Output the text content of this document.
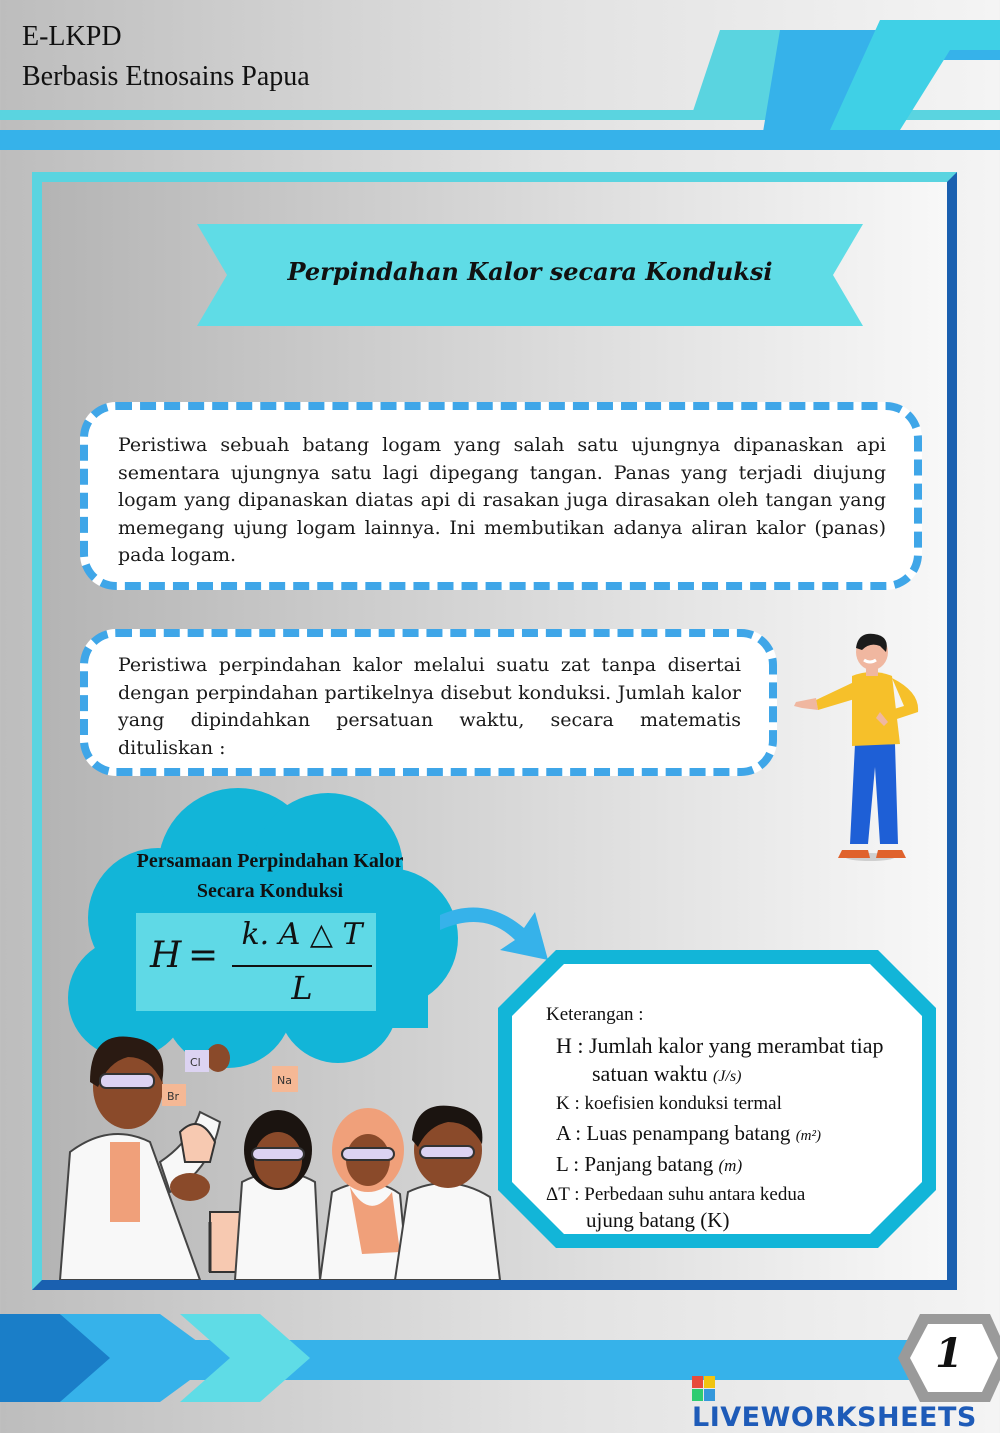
E-LKPD
Berbasis Etnosains Papua
Perpindahan Kalor secara Konduksi
Peristiwa sebuah batang logam yang salah satu ujungnya dipanaskan api sementara ujungnya satu lagi dipegang tangan. Panas yang terjadi diujung logam yang dipanaskan diatas api di rasakan juga dirasakan oleh tangan yang memegang ujung logam lainnya. Ini membutikan adanya aliran kalor (panas) pada logam.
Peristiwa perpindahan kalor melalui suatu zat tanpa disertai dengan perpindahan partikelnya disebut konduksi. Jumlah kalor yang dipindahkan persatuan waktu, secara matematis dituliskan :
Persamaan Perpindahan Kalor
Secara Konduksi
H =
k. A △ T
L
Cl
Br
Na
Keterangan :
H : Jumlah kalor yang merambat tiap
satuan waktu (J/s)
K : koefisien konduksi termal
A : Luas penampang batang (m²)
L : Panjang batang (m)
ΔT : Perbedaan suhu antara kedua
ujung batang (K)
1
LIVEWORKSHEETS
